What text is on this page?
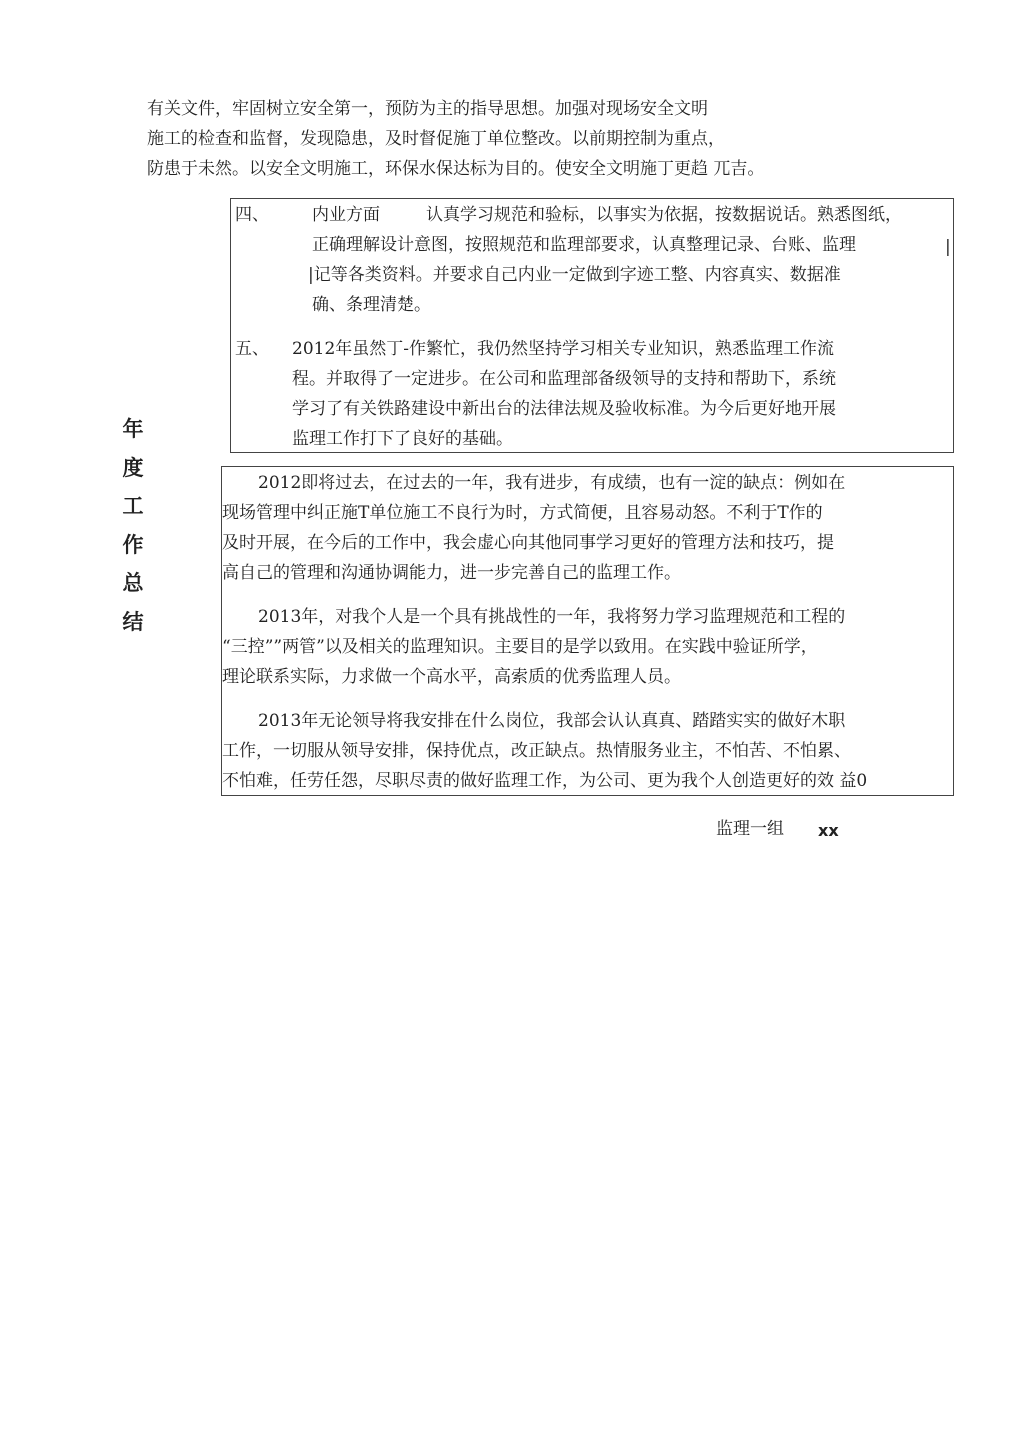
有关文件，牢固树立安全第一，预防为主的指导思想。加强对现场安全文明
施工的检查和监督，发现隐患，及时督促施丁单位整改。以前期控制为重点，
防患于未然。以安全文明施工，环保水保达标为目的。使安全文明施丁更趋 兀吉。
四、	内业方面	认真学习规范和验标，以事实为依据，按数据说话。熟悉图纸，
正确理解设计意图，按照规范和监理部要求，认真整理记录、台账、监理	|
|记等各类资料。并要求自己内业一定做到字迹工整、内容真实、数据准
确、条理清楚。
五、 2012年虽然丁-作繁忙，我仍然坚持学习相关专业知识，熟悉监理工作流
程。并取得了一定进步。在公司和监理部备级领导的支持和帮助下，系统
学习了有关铁路建设中新出台的法律法规及验收标准。为今后更好地开展
监理工作打下了良好的基础。
年
度
工
作
总
结
2012即将过去，在过去的一年，我有进步，有成绩，也有一淀的缺点：例如在
现场管理中纠正施T单位施工不良行为时，方式简便，且容易动怒。不利于T作的
及时开展，在今后的工作中，我会虚心向其他同事学习更好的管理方法和技巧，提
高自己的管理和沟通协调能力，进一步完善自己的监理工作。
2013年，对我个人是一个具有挑战性的一年，我将努力学习监理规范和工程的
“三控””两管”以及相关的监理知识。主要目的是学以致用。在实践中验证所学，
理论联系实际，力求做一个高水平，高索质的优秀监理人员。
2013年无论领导将我安排在什么岗位，我部会认认真真、踏踏实实的做好木职
工作，一切服从领导安排，保持优点，改正缺点。热情服务业主，不怕苦、不怕累、
不怕难，任劳任怨，尽职尽责的做好监理工作，为公司、更为我个人创造更好的效 益0
监理一组 xx
